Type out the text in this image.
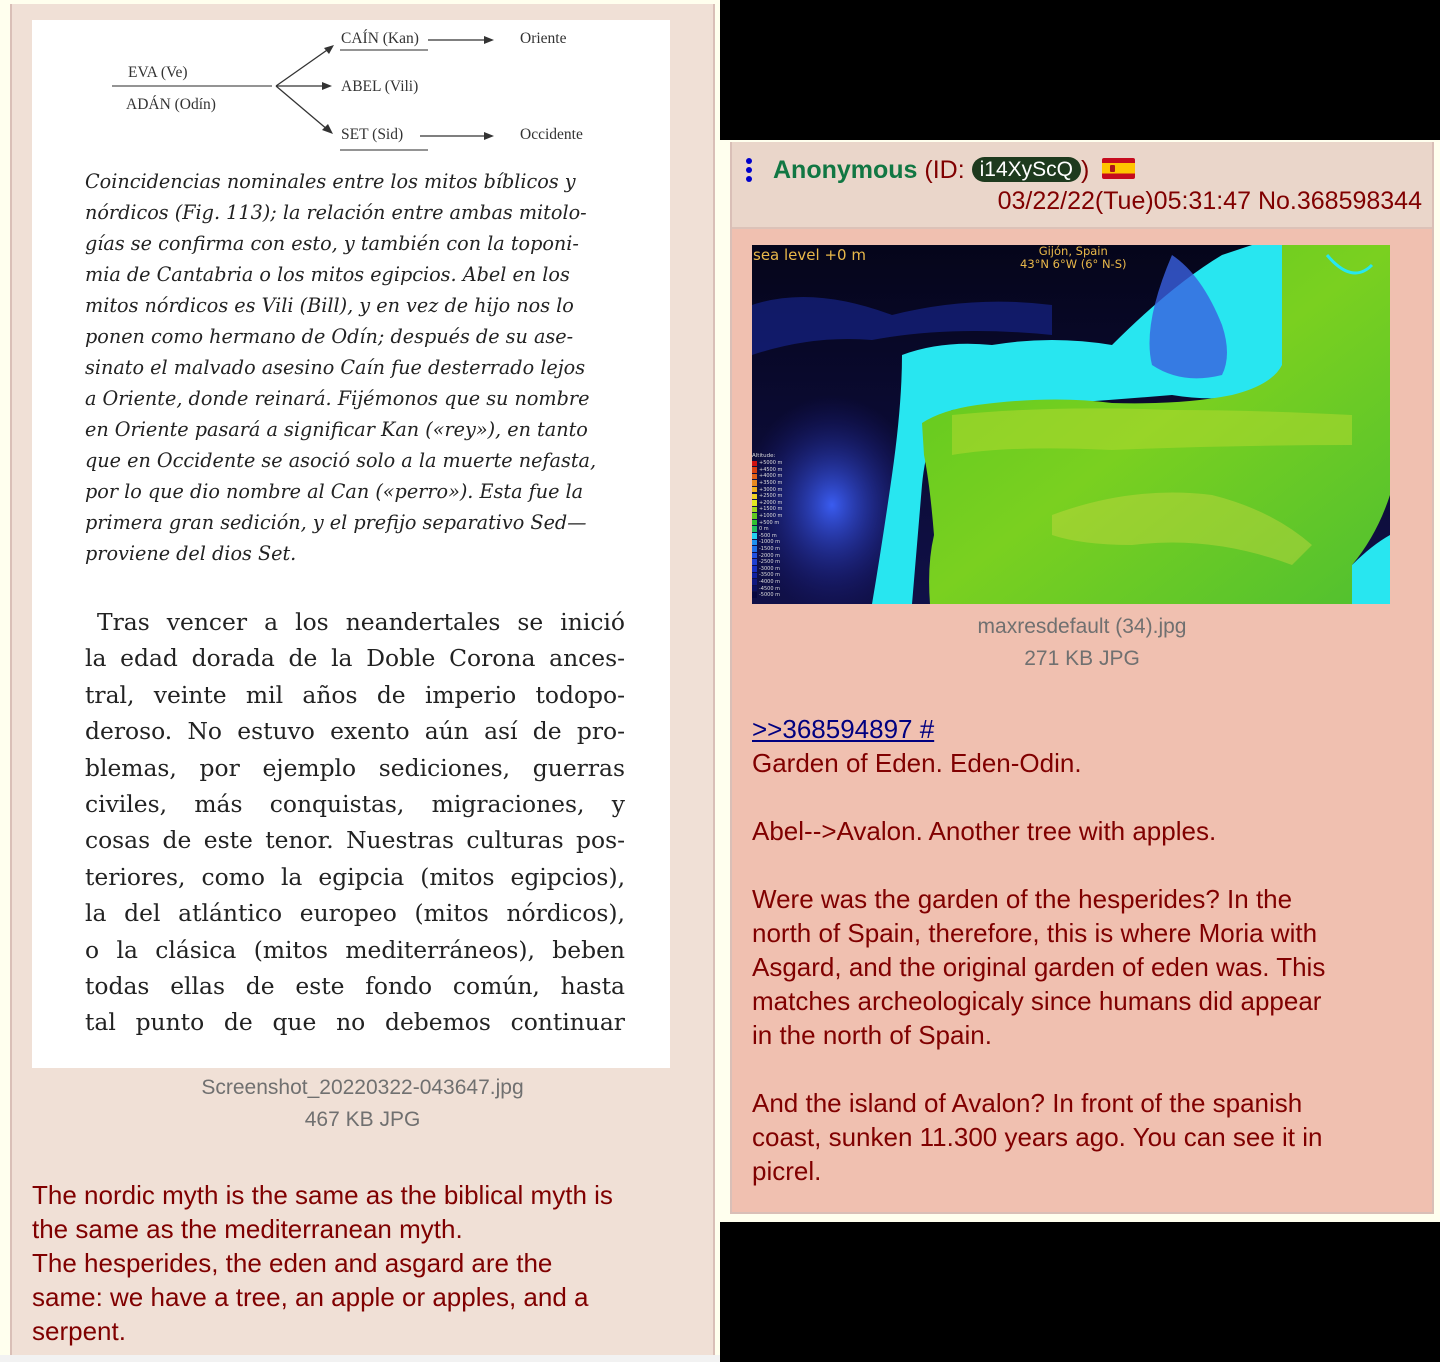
EVA (Ve)
ADÁN (Odín)
CAÍN (Kan)
ABEL (Vili)
SET (Sid)
Oriente
Occidente
Coincidencias nominales entre los mitos bíblicos y
nórdicos (Fig. 113); la relación entre ambas mitolo-
gías se confirma con esto, y también con la toponi-
mia de Cantabria o los mitos egipcios. Abel en los
mitos nórdicos es Vili (Bill), y en vez de hijo nos lo
ponen como hermano de Odín; después de su ase-
sinato el malvado asesino Caín fue desterrado lejos
a Oriente, donde reinará. Fijémonos que su nombre
en Oriente pasará a significar Kan («rey»), en tanto
que en Occidente se asoció solo a la muerte nefasta,
por lo que dio nombre al Can («perro»). Esta fue la
primera gran sedición, y el prefijo separativo Sed—
proviene del dios Set.
Tras vencer a los neandertales se inició
la edad dorada de la Doble Corona ances-
tral, veinte mil años de imperio todopo-
deroso. No estuvo exento aún así de pro-
blemas, por ejemplo sediciones, guerras
civiles, más conquistas, migraciones, y
cosas de este tenor. Nuestras culturas pos-
teriores, como la egipcia (mitos egipcios),
la del atlántico europeo (mitos nórdicos),
o la clásica (mitos mediterráneos), beben
todas ellas de este fondo común, hasta
tal punto de que no debemos continuar
Screenshot_20220322-043647.jpg
467 KB JPG
The nordic myth is the same as the biblical myth is
the same as the mediterranean myth.
The hesperides, the eden and asgard are the
same: we have a tree, an apple or apples, and a
serpent.
Anonymous (ID: i14XyScQ )
03/22/22(Tue)05:31:47 No.368598344
sea level +0 m	Gijón, Spain
43°N 6°W (6° N-S)
Altitude:
+5000 m
+4500 m
+4000 m
+3500 m
+3000 m
+2500 m
+2000 m
+1500 m
+1000 m
+500 m
0 m
-500 m
-1000 m
-1500 m
-2000 m
-2500 m
-3000 m
-3500 m
-4000 m
-4500 m
-5000 m
maxresdefault (34).jpg
271 KB JPG
>>368594897 #
Garden of Eden. Eden-Odin.
Abel-->Avalon. Another tree with apples.
Were was the garden of the hesperides? In the
north of Spain, therefore, this is where Moria with
Asgard, and the original garden of eden was. This
matches archeologicaly since humans did appear
in the north of Spain.
And the island of Avalon? In front of the spanish
coast, sunken 11.300 years ago. You can see it in
picrel.
